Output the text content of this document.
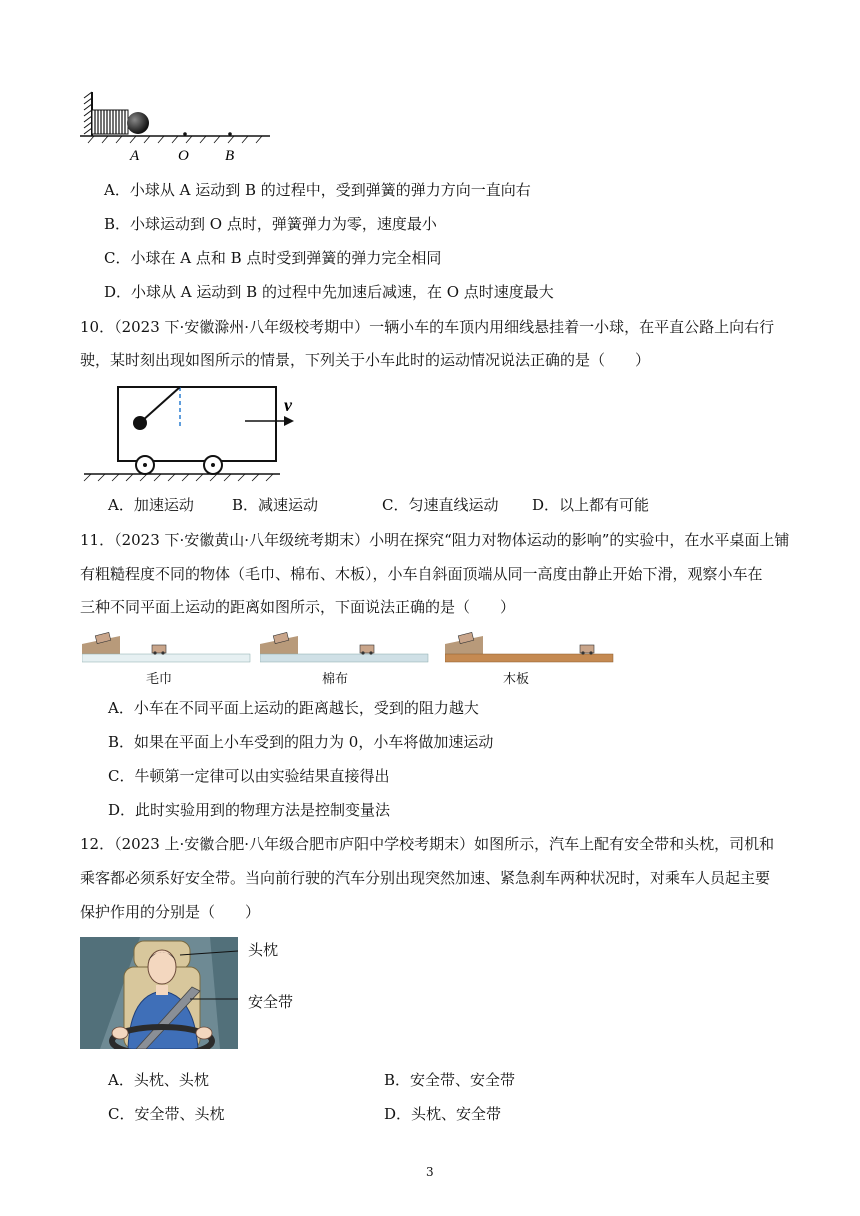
A	O B
A．小球从 A 运动到 B 的过程中，受到弹簧的弹力方向一直向右
B．小球运动到 O 点时，弹簧弹力为零，速度最小
C．小球在 A 点和 B 点时受到弹簧的弹力完全相同
D．小球从 A 运动到 B 的过程中先加速后减速，在 O 点时速度最大
10．（2023 下·安徽滁州·八年级校考期中）一辆小车的车顶内用细线悬挂着一小球，在平直公路上向右行
驶，某时刻出现如图所示的情景，下列关于小车此时的运动情况说法正确的是（　　）
v
A．加速运动	B．减速运动	C．匀速直线运动 D．以上都有可能
11．（2023 下·安徽黄山·八年级统考期末）小明在探究“阻力对物体运动的影响”的实验中，在水平桌面上铺
有粗糙程度不同的物体（毛巾、棉布、木板），小车自斜面顶端从同一高度由静止开始下滑，观察小车在
三种不同平面上运动的距离如图所示，下面说法正确的是（　　）
毛巾	棉布	木板
A．小车在不同平面上运动的距离越长，受到的阻力越大
B．如果在平面上小车受到的阻力为 0，小车将做加速运动
C．牛顿第一定律可以由实验结果直接得出
D．此时实验用到的物理方法是控制变量法
12．（2023 上·安徽合肥·八年级合肥市庐阳中学校考期末）如图所示，汽车上配有安全带和头枕，司机和
乘客都必须系好安全带。当向前行驶的汽车分别出现突然加速、紧急刹车两种状况时，对乘车人员起主要
保护作用的分别是（　　）
头枕
安全带
A．头枕、头枕	B．安全带、安全带
C．安全带、头枕	D．头枕、安全带
3
